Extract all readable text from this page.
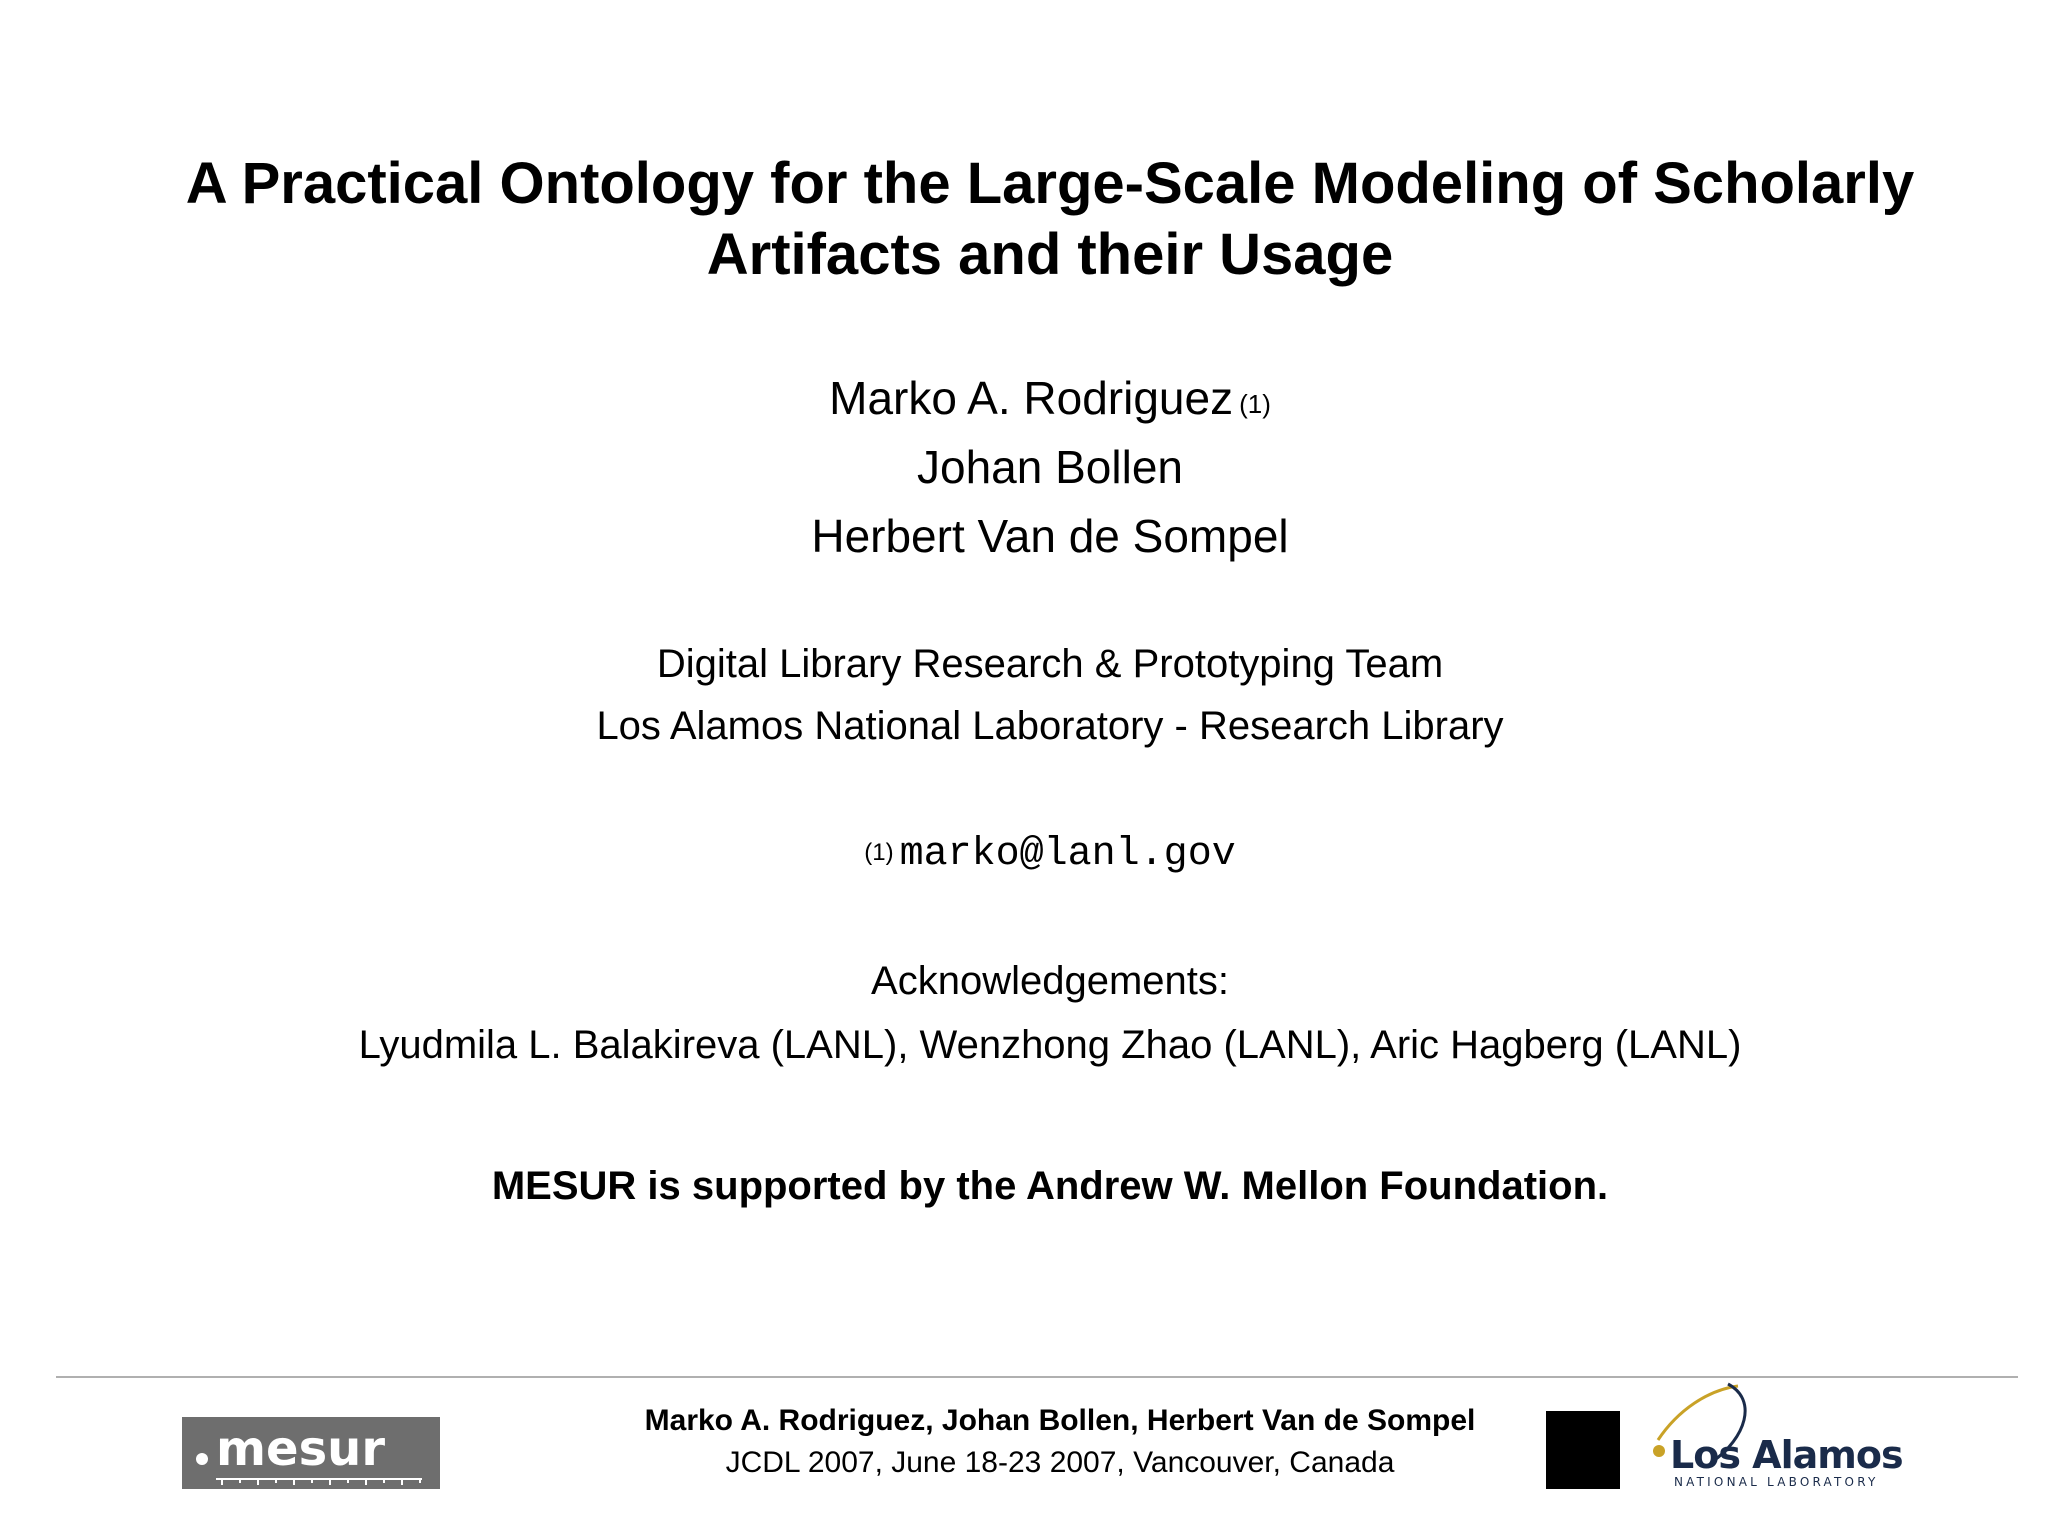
A Practical Ontology for the Large-Scale Modeling of Scholarly
Artifacts and their Usage
Marko A. Rodriguez $^{(1)}$
Johan Bollen
Herbert Van de Sompel
Digital Library Research & Prototyping Team
Los Alamos National Laboratory - Research Library
$^{(1)}$ marko@lanl.gov
Acknowledgements:
Lyudmila L. Balakireva (LANL), Wenzhong Zhao (LANL), Aric Hagberg (LANL)
MESUR is supported by the Andrew W. Mellon Foundation.
mesur
Marko A. Rodriguez, Johan Bollen, Herbert Van de Sompel
JCDL 2007, June 18-23 2007, Vancouver, Canada	Los Alamos
NATIONAL LABORATORY
